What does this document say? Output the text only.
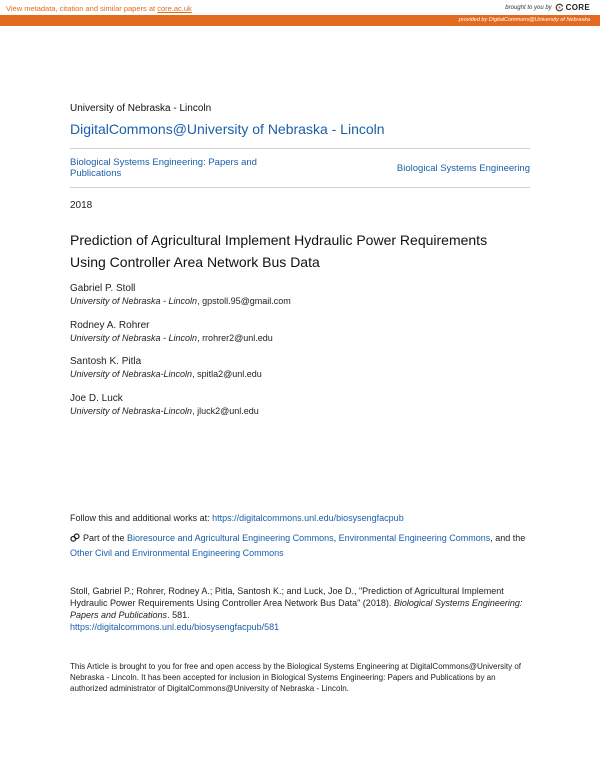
View metadata, citation and similar papers at core.ac.uk	brought to you by CORE
provided by DigitalCommons@University of Nebraska
University of Nebraska - Lincoln
DigitalCommons@University of Nebraska - Lincoln
Biological Systems Engineering: Papers and Publications	Biological Systems Engineering
2018
Prediction of Agricultural Implement Hydraulic Power Requirements Using Controller Area Network Bus Data
Gabriel P. Stoll
University of Nebraska - Lincoln, gpstoll.95@gmail.com
Rodney A. Rohrer
University of Nebraska - Lincoln, rrohrer2@unl.edu
Santosh K. Pitla
University of Nebraska-Lincoln, spitla2@unl.edu
Joe D. Luck
University of Nebraska-Lincoln, jluck2@unl.edu
Follow this and additional works at: https://digitalcommons.unl.edu/biosysengfacpub
Part of the Bioresource and Agricultural Engineering Commons, Environmental Engineering Commons, and the Other Civil and Environmental Engineering Commons
Stoll, Gabriel P.; Rohrer, Rodney A.; Pitla, Santosh K.; and Luck, Joe D., "Prediction of Agricultural Implement Hydraulic Power Requirements Using Controller Area Network Bus Data" (2018). Biological Systems Engineering: Papers and Publications. 581.
https://digitalcommons.unl.edu/biosysengfacpub/581
This Article is brought to you for free and open access by the Biological Systems Engineering at DigitalCommons@University of Nebraska - Lincoln. It has been accepted for inclusion in Biological Systems Engineering: Papers and Publications by an authorized administrator of DigitalCommons@University of Nebraska - Lincoln.
